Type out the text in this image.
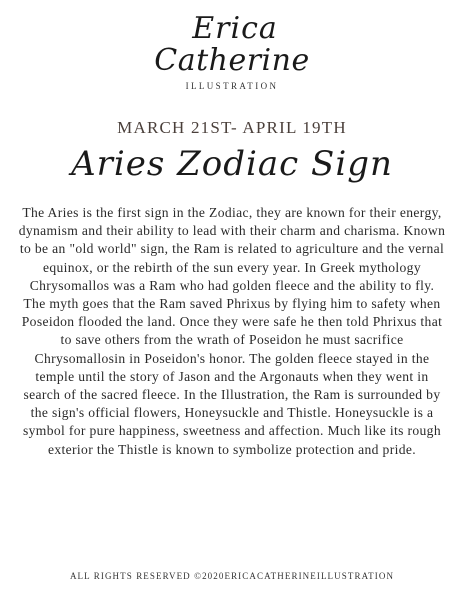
Erica
Catherine
ILLUSTRATION
MARCH 21ST- APRIL 19TH
Aries Zodiac Sign

The Aries is the first sign in the Zodiac, they are known for their energy, dynamism and their ability to lead with their charm and charisma. Known to be an "old world" sign, the Ram is related to agriculture and the vernal equinox, or the rebirth of the sun every year. In Greek mythology Chrysomallos was a Ram who had golden fleece and the ability to fly. The myth goes that the Ram saved Phrixus by flying him to safety when Poseidon flooded the land. Once they were safe he then told Phrixus that to save others from the wrath of Poseidon he must sacrifice Chrysomallosin in Poseidon's honor. The golden fleece stayed in the temple until the story of Jason and the Argonauts when they went in search of the sacred fleece. In the Illustration, the Ram is surrounded by the sign's official flowers, Honeysuckle and Thistle. Honeysuckle is a symbol for pure happiness, sweetness and affection. Much like its rough exterior the Thistle is known to symbolize protection and pride.

ALL RIGHTS RESERVED ©2020ERICACATHERINEILLUSTRATION
